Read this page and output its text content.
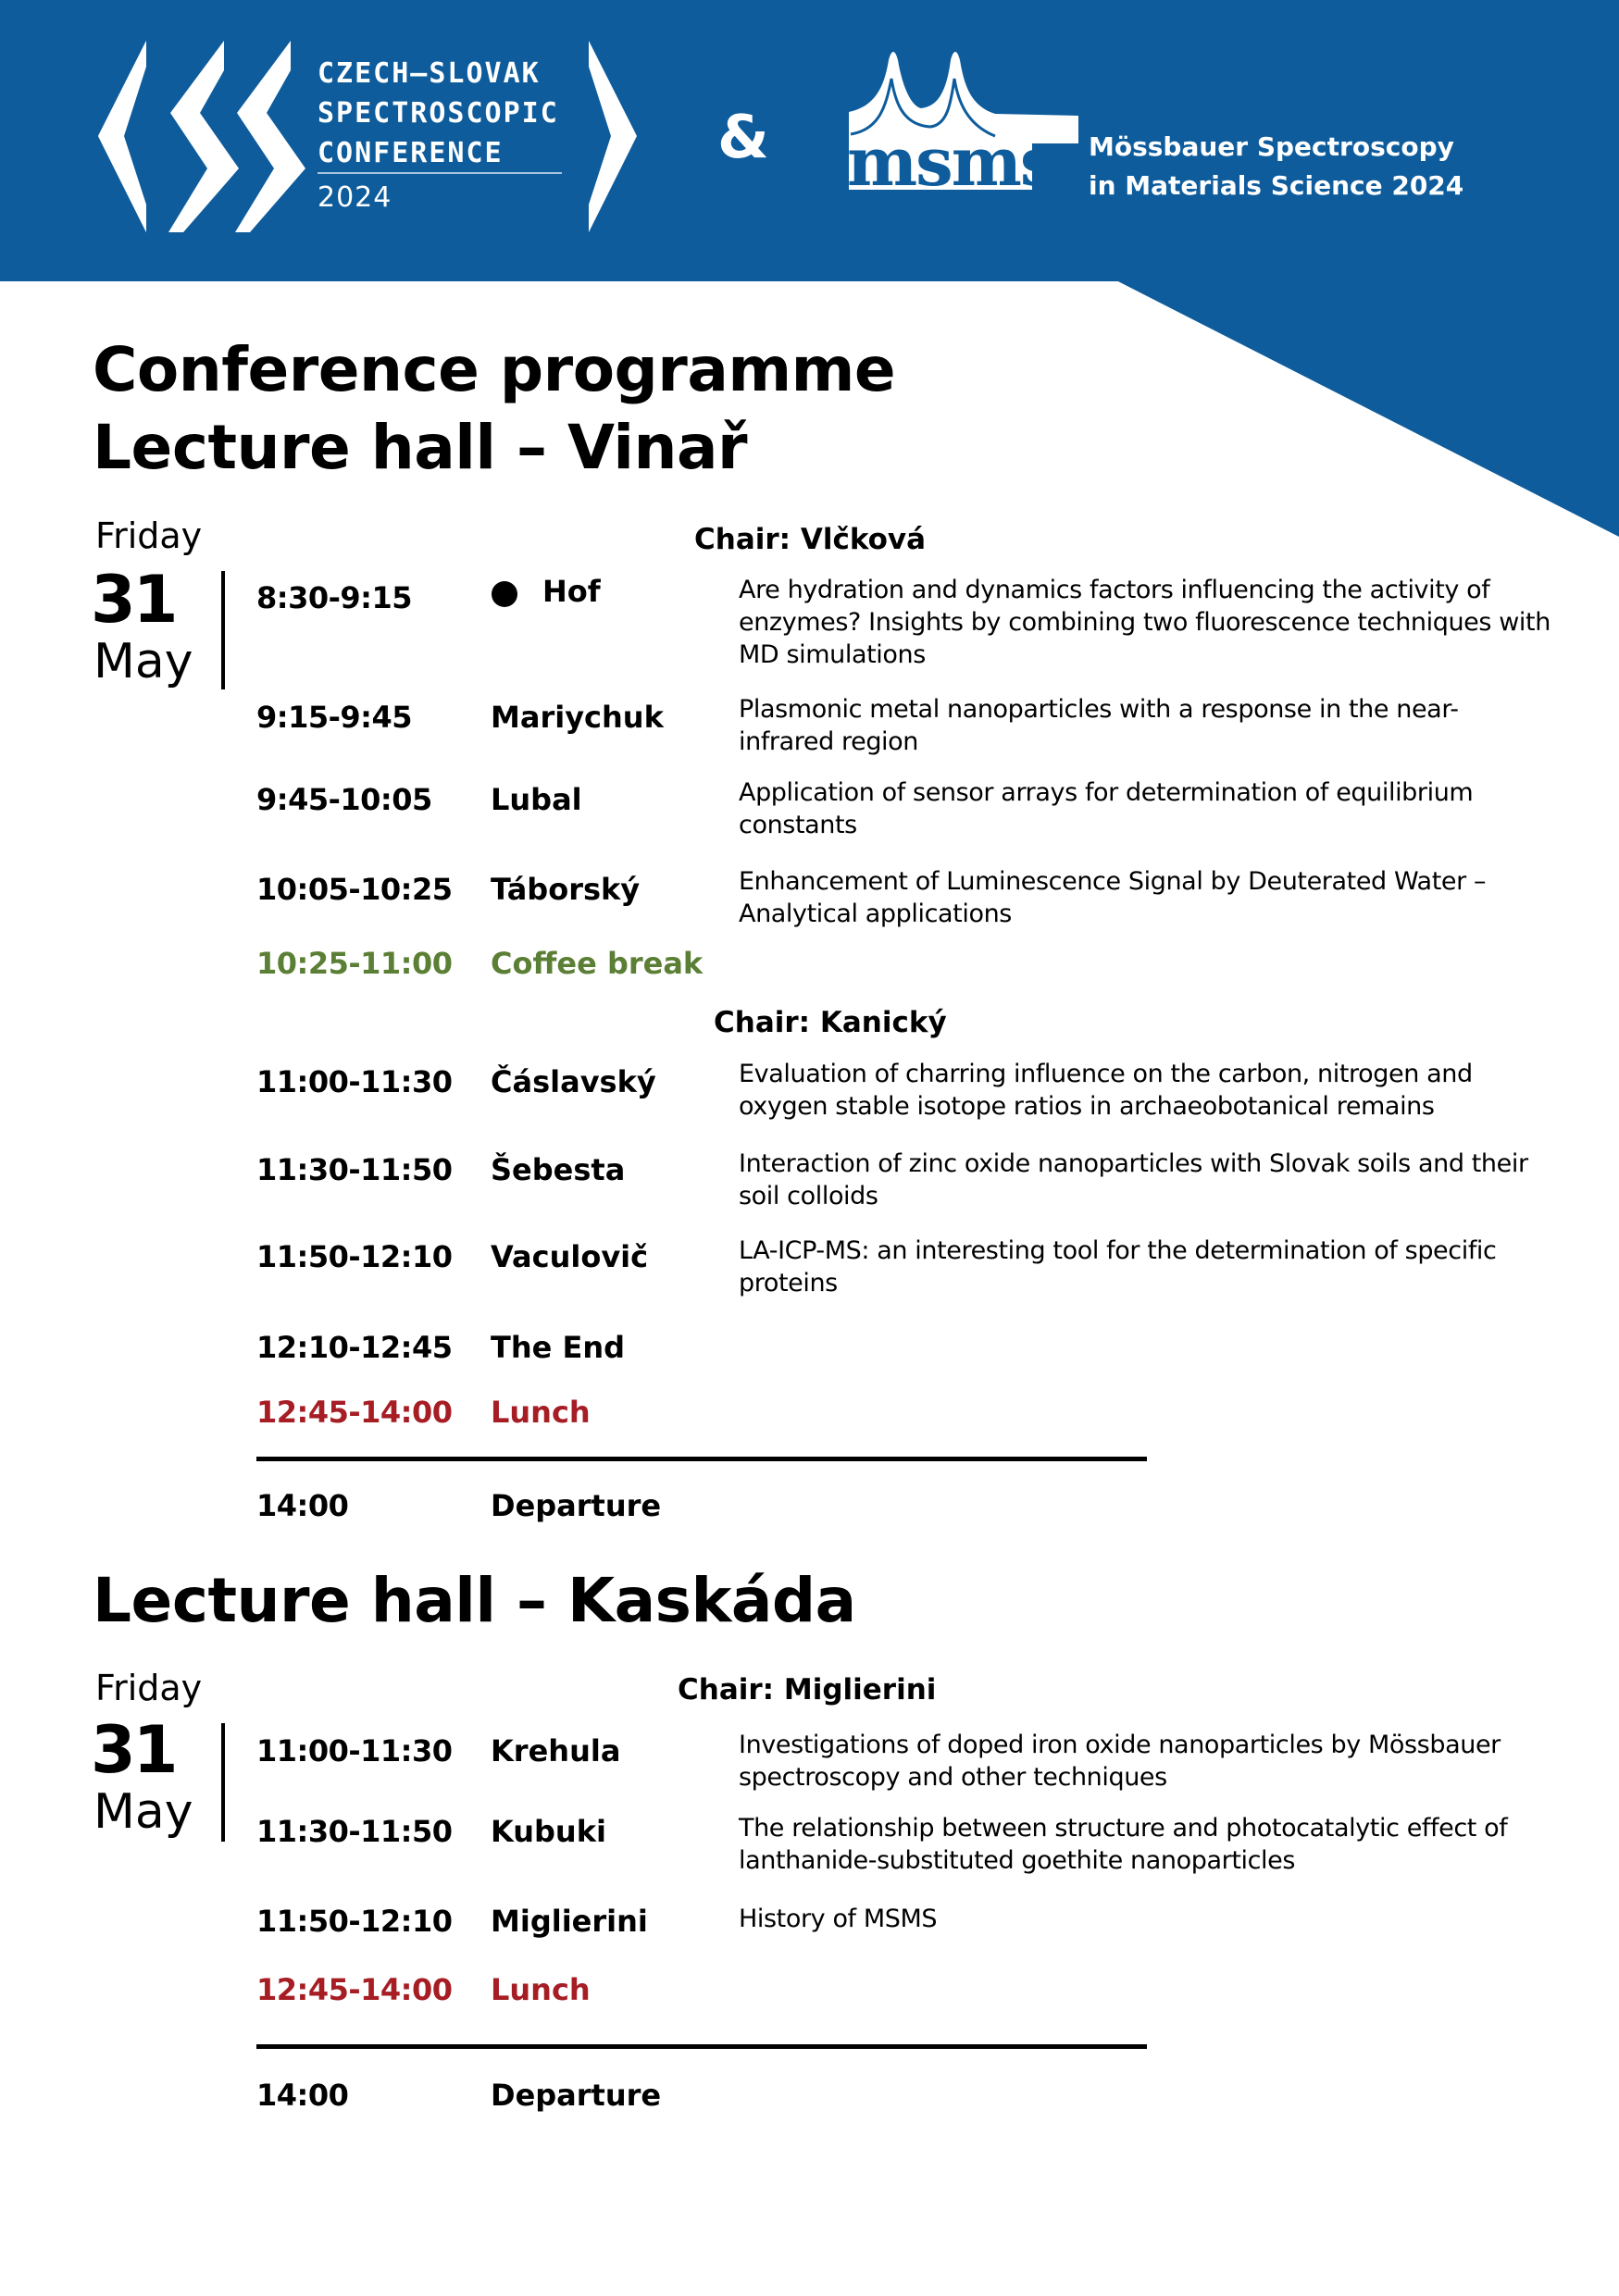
CZECH–SLOVAK
SPECTROSCOPIC
CONFERENCE
2024
& msms Mössbauer Spectroscopy
in Materials Science 2024
Conference programme
Lecture hall – Vinař
Friday
31
May
Chair: Vlčková
8:30-9:15	Hof	Are hydration and dynamics factors influencing the activity of enzymes? Insights by combining two fluorescence techniques with MD simulations
9:15-9:45	Mariychuk	Plasmonic metal nanoparticles with a response in the near-infrared region
9:45-10:05 Lubal	Application of sensor arrays for determination of equilibrium constants
10:05-10:25 Táborský	Enhancement of Luminescence Signal by Deuterated Water – Analytical applications
10:25-11:00 Coffee break
Chair: Kanický
11:00-11:30 Čáslavský	Evaluation of charring influence on the carbon, nitrogen and oxygen stable isotope ratios in archaeobotanical remains
11:30-11:50 Šebesta	Interaction of zinc oxide nanoparticles with Slovak soils and their soil colloids
11:50-12:10 Vaculovič	LA-ICP-MS: an interesting tool for the determination of specific proteins
12:10-12:45 The End
12:45-14:00 Lunch
14:00	Departure
Lecture hall – Kaskáda
Friday
31
May
Chair: Miglierini
11:00-11:30 Krehula	Investigations of doped iron oxide nanoparticles by Mössbauer spectroscopy and other techniques
11:30-11:50 Kubuki	The relationship between structure and photocatalytic effect of lanthanide-substituted goethite nanoparticles
11:50-12:10 Miglierini	History of MSMS
12:45-14:00 Lunch
14:00	Departure
